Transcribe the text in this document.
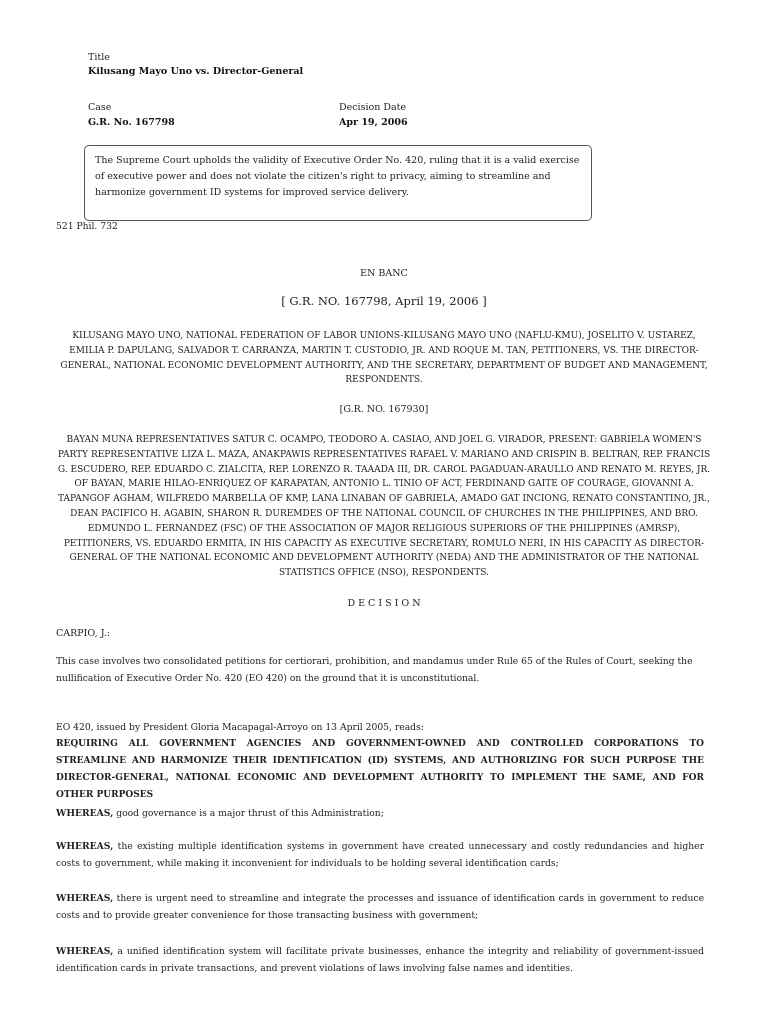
Title
Kilusang Mayo Uno vs. Director-General
Case
G.R. No. 167798
Decision Date
Apr 19, 2006
The Supreme Court upholds the validity of Executive Order No. 420, ruling that it is a valid exercise of executive power and does not violate the citizen's right to privacy, aiming to streamline and harmonize government ID systems for improved service delivery.
521 Phil. 732
EN BANC
[ G.R. NO. 167798, April 19, 2006 ]
KILUSANG MAYO UNO, NATIONAL FEDERATION OF LABOR UNIONS-KILUSANG MAYO UNO (NAFLU-KMU), JOSELITO V. USTAREZ, EMILIA P. DAPULANG, SALVADOR T. CARRANZA, MARTIN T. CUSTODIO, JR. AND ROQUE M. TAN, PETITIONERS, VS. THE DIRECTOR-GENERAL, NATIONAL ECONOMIC DEVELOPMENT AUTHORITY, AND THE SECRETARY, DEPARTMENT OF BUDGET AND MANAGEMENT, RESPONDENTS.
[G.R. NO. 167930]
BAYAN MUNA REPRESENTATIVES SATUR C. OCAMPO, TEODORO A. CASIAO, AND JOEL G. VIRADOR, PRESENT: GABRIELA WOMEN'S PARTY REPRESENTATIVE LIZA L. MAZA, ANAKPAWIS REPRESENTATIVES RAFAEL V. MARIANO AND CRISPIN B. BELTRAN, REP. FRANCIS G. ESCUDERO, REP. EDUARDO C. ZIALCITA, REP. LORENZO R. TAAADA III, DR. CAROL PAGADUAN-ARAULLO AND RENATO M. REYES, JR. OF BAYAN, MARIE HILAO-ENRIQUEZ OF KARAPATAN, ANTONIO L. TINIO OF ACT, FERDINAND GAITE OF COURAGE, GIOVANNI A. TAPANGOF AGHAM, WILFREDO MARBELLA OF KMP, LANA LINABAN OF GABRIELA, AMADO GAT INCIONG, RENATO CONSTANTINO, JR., DEAN PACIFICO H. AGABIN, SHARON R. DUREMDES OF THE NATIONAL COUNCIL OF CHURCHES IN THE PHILIPPINES, AND BRO. EDMUNDO L. FERNANDEZ (FSC) OF THE ASSOCIATION OF MAJOR RELIGIOUS SUPERIORS OF THE PHILIPPINES (AMRSP), PETITIONERS, VS. EDUARDO ERMITA, IN HIS CAPACITY AS EXECUTIVE SECRETARY, ROMULO NERI, IN HIS CAPACITY AS DIRECTOR-GENERAL OF THE NATIONAL ECONOMIC AND DEVELOPMENT AUTHORITY (NEDA) AND THE ADMINISTRATOR OF THE NATIONAL STATISTICS OFFICE (NSO), RESPONDENTS.
D E C I S I O N
CARPIO, J.:
This case involves two consolidated petitions for certiorari, prohibition, and mandamus under Rule 65 of the Rules of Court, seeking the nullification of Executive Order No. 420 (EO 420) on the ground that it is unconstitutional.
EO 420, issued by President Gloria Macapagal-Arroyo on 13 April 2005, reads:
REQUIRING ALL GOVERNMENT AGENCIES AND GOVERNMENT-OWNED AND CONTROLLED CORPORATIONS TO STREAMLINE AND HARMONIZE THEIR IDENTIFICATION (ID) SYSTEMS, AND AUTHORIZING FOR SUCH PURPOSE THE DIRECTOR-GENERAL, NATIONAL ECONOMIC AND DEVELOPMENT AUTHORITY TO IMPLEMENT THE SAME, AND FOR OTHER PURPOSES
WHEREAS, good governance is a major thrust of this Administration;
WHEREAS, the existing multiple identification systems in government have created unnecessary and costly redundancies and higher costs to government, while making it inconvenient for individuals to be holding several identification cards;
WHEREAS, there is urgent need to streamline and integrate the processes and issuance of identification cards in government to reduce costs and to provide greater convenience for those transacting business with government;
WHEREAS, a unified identification system will facilitate private businesses, enhance the integrity and reliability of government-issued identification cards in private transactions, and prevent violations of laws involving false names and identities.
